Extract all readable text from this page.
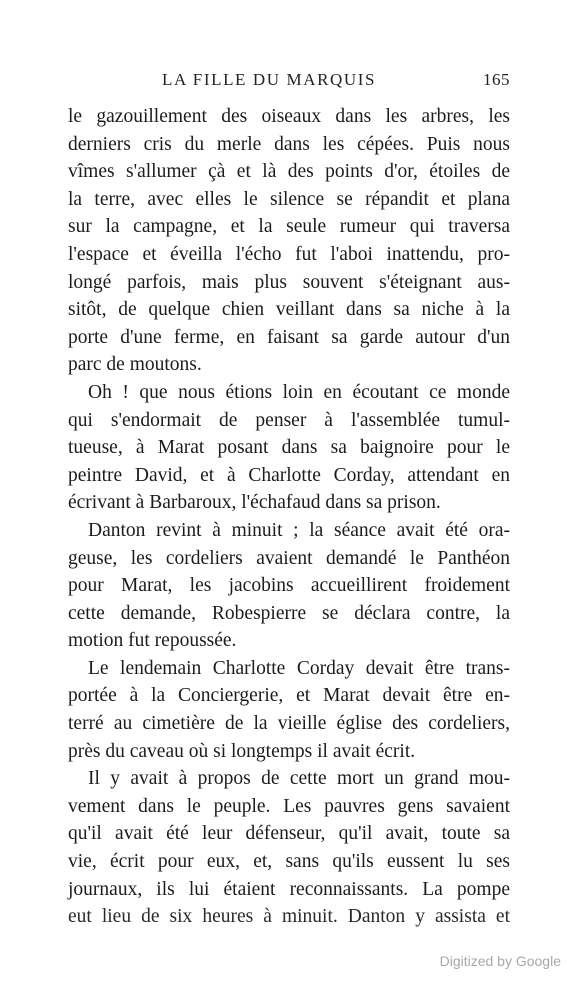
LA FILLE DU MARQUIS	165
le gazouillement des oiseaux dans les arbres, les
derniers cris du merle dans les cépées. Puis nous
vîmes s'allumer çà et là des points d'or, étoiles de
la terre, avec elles le silence se répandit et plana
sur la campagne, et la seule rumeur qui traversa
l'espace et éveilla l'écho fut l'aboi inattendu, pro-
longé parfois, mais plus souvent s'éteignant aus-
sitôt, de quelque chien veillant dans sa niche à la
porte d'une ferme, en faisant sa garde autour d'un
parc de moutons.
Oh ! que nous étions loin en écoutant ce monde
qui s'endormait de penser à l'assemblée tumul-
tueuse, à Marat posant dans sa baignoire pour le
peintre David, et à Charlotte Corday, attendant en
écrivant à Barbaroux, l'échafaud dans sa prison.
Danton revint à minuit ; la séance avait été ora-
geuse, les cordeliers avaient demandé le Panthéon
pour Marat, les jacobins accueillirent froidement
cette demande, Robespierre se déclara contre, la
motion fut repoussée.
Le lendemain Charlotte Corday devait être trans-
portée à la Conciergerie, et Marat devait être en-
terré au cimetière de la vieille église des cordeliers,
près du caveau où si longtemps il avait écrit.
Il y avait à propos de cette mort un grand mou-
vement dans le peuple. Les pauvres gens savaient
qu'il avait été leur défenseur, qu'il avait, toute sa
vie, écrit pour eux, et, sans qu'ils eussent lu ses
journaux, ils lui étaient reconnaissants. La pompe
eut lieu de six heures à minuit. Danton y assista et
Digitized by Google
